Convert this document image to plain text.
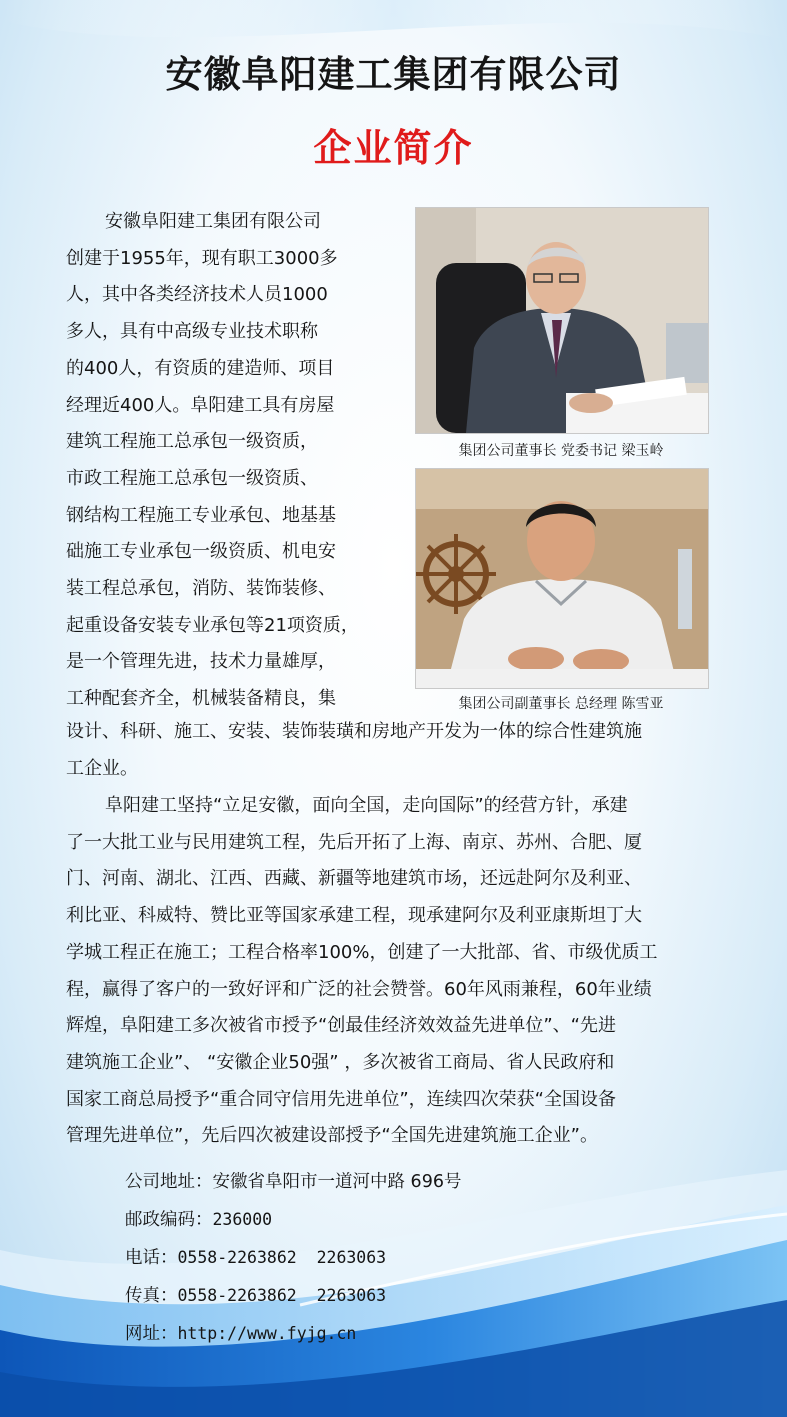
安徽阜阳建工集团有限公司
企业简介
集团公司董事长 党委书记 梁玉岭
集团公司副董事长 总经理 陈雪亚
安徽阜阳建工集团有限公司
创建于1955年，现有职工3000多
人，其中各类经济技术人员1000
多人，具有中高级专业技术职称
的400人，有资质的建造师、项目
经理近400人。阜阳建工具有房屋
建筑工程施工总承包一级资质，
市政工程施工总承包一级资质、
钢结构工程施工专业承包、地基基
础施工专业承包一级资质、机电安
装工程总承包，消防、装饰装修、
起重设备安装专业承包等21项资质，
是一个管理先进，技术力量雄厚，
工种配套齐全，机械装备精良，集
设计、科研、施工、安装、装饰装璜和房地产开发为一体的综合性建筑施
工企业。
阜阳建工坚持“立足安徽，面向全国，走向国际”的经营方针，承建
了一大批工业与民用建筑工程，先后开拓了上海、南京、苏州、合肥、厦
门、河南、湖北、江西、西藏、新疆等地建筑市场，还远赴阿尔及利亚、
利比亚、科威特、赞比亚等国家承建工程，现承建阿尔及利亚康斯坦丁大
学城工程正在施工；工程合格率100%，创建了一大批部、省、市级优质工
程，赢得了客户的一致好评和广泛的社会赞誉。60年风雨兼程，60年业绩
辉煌，阜阳建工多次被省市授予“创最佳经济效效益先进单位”、“先进
建筑施工企业”、 “安徽企业50强” ，多次被省工商局、省人民政府和
国家工商总局授予“重合同守信用先进单位”，连续四次荣获“全国设备
管理先进单位”，先后四次被建设部授予“全国先进建筑施工企业”。
公司地址：安徽省阜阳市一道河中路 696号
邮政编码：236000
电话：0558-2263862  2263063
传真：0558-2263862  2263063
网址：http://www.fyjg.cn
